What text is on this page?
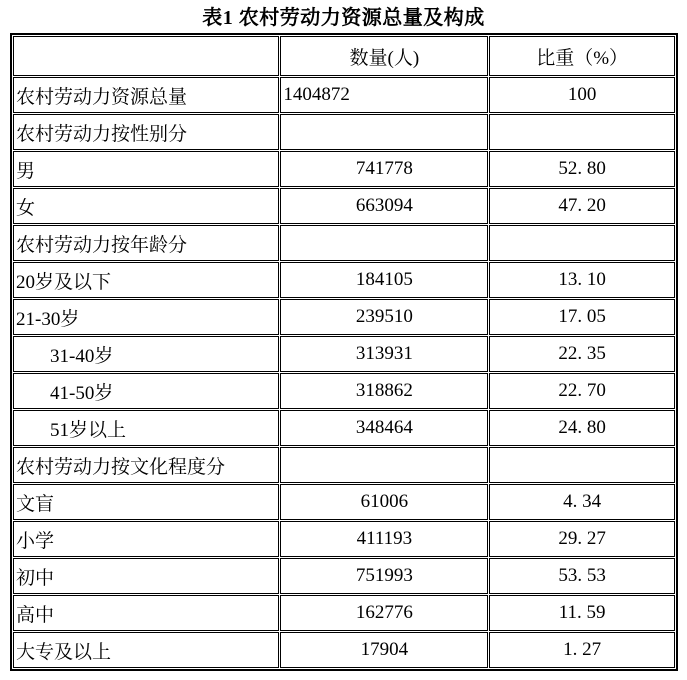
表1 农村劳动力资源总量及构成
	数量(人)	比重（%）
农村劳动力资源总量	1404872	100
农村劳动力按性别分		
男	741778	52. 80
女	663094	47. 20
农村劳动力按年龄分		
20岁及以下	184105	13. 10
21-30岁	239510	17. 05
31-40岁	313931	22. 35
41-50岁	318862	22. 70
51岁以上	348464	24. 80
农村劳动力按文化程度分		
文盲	61006	4. 34
小学	411193	29. 27
初中	751993	53. 53
高中	162776	11. 59
大专及以上	17904	1. 27
